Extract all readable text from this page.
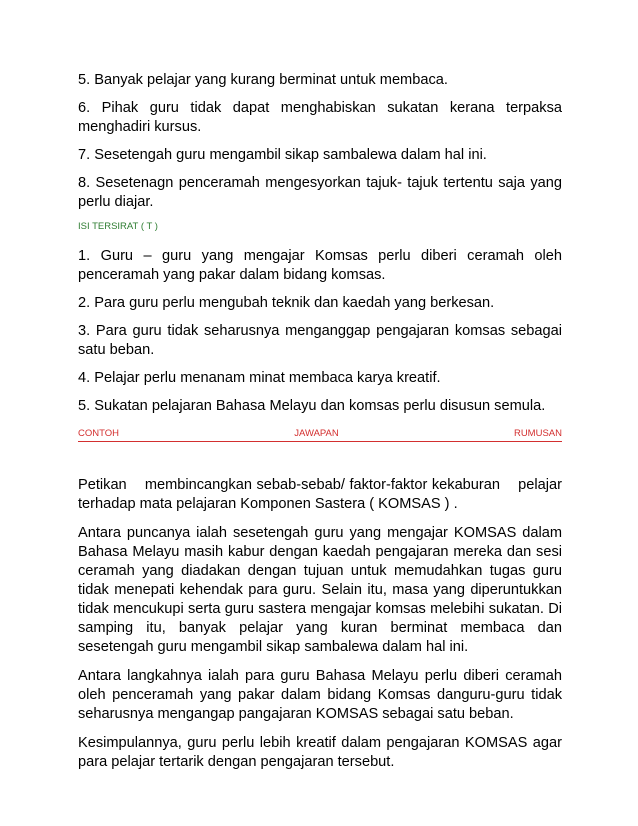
5. Banyak pelajar yang kurang berminat untuk membaca.

6. Pihak guru tidak dapat menghabiskan sukatan kerana terpaksa menghadiri kursus.

7. Sesetengah guru mengambil sikap sambalewa dalam hal ini.

8. Sesetenagn penceramah mengesyorkan tajuk- tajuk tertentu saja yang perlu diajar.

ISI TERSIRAT ( T )

1. Guru – guru yang mengajar Komsas perlu diberi ceramah oleh penceramah yang pakar dalam bidang komsas.

2. Para guru perlu mengubah teknik dan kaedah yang berkesan.

3. Para guru tidak seharusnya menganggap pengajaran komsas sebagai satu beban.

4. Pelajar perlu menanam minat membaca karya kreatif.

5. Sukatan pelajaran Bahasa Melayu dan komsas perlu disusun semula.

CONTOH	JAWAPAN	RUMUSAN

Petikan    membincangkan sebab-sebab/ faktor-faktor kekaburan    pelajar terhadap mata pelajaran Komponen Sastera ( KOMSAS ) .

Antara puncanya ialah sesetengah guru yang mengajar KOMSAS dalam Bahasa Melayu masih kabur dengan kaedah pengajaran mereka dan sesi ceramah yang diadakan dengan tujuan untuk memudahkan tugas guru tidak menepati kehendak para guru. Selain itu, masa yang diperuntukkan tidak mencukupi serta guru sastera mengajar komsas melebihi sukatan. Di samping itu, banyak pelajar yang kuran berminat membaca dan sesetengah guru mengambil sikap sambalewa dalam hal ini.

Antara langkahnya ialah para guru Bahasa Melayu perlu diberi ceramah oleh penceramah yang pakar dalam bidang Komsas danguru-guru tidak seharusnya mengangap pangajaran KOMSAS sebagai satu beban.

Kesimpulannya, guru perlu lebih kreatif dalam pengajaran KOMSAS agar para pelajar tertarik dengan pengajaran tersebut.
